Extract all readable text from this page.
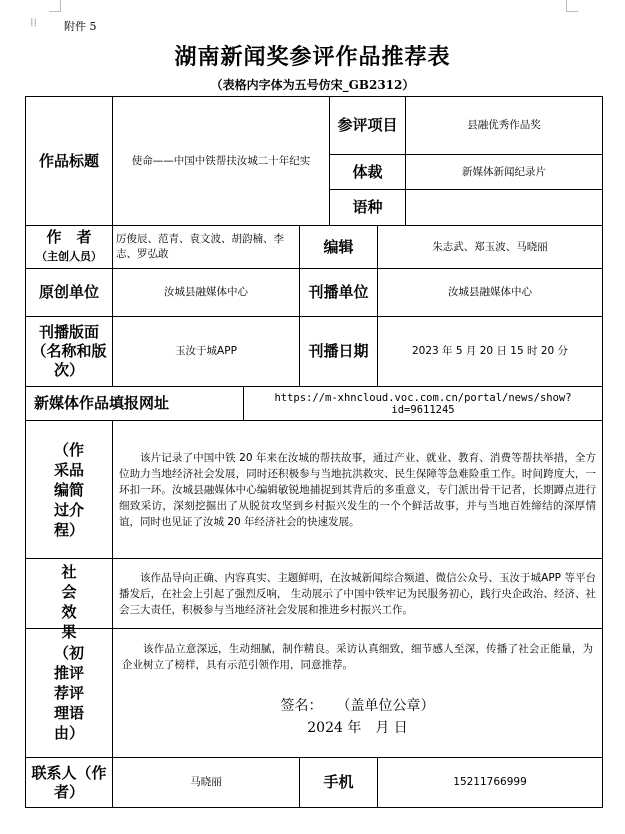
⁞⁞ 附件 5
湖南新闻奖参评作品推荐表
（表格内字体为五号仿宋_GB2312）
作品标题	使命——中国中铁帮扶汝城二十年纪实			参评项目		县融优秀作品奖
				体裁		新媒体新闻纪录片
				语种		

作　者
（主创人员）	厉俊辰、范青、袁文波、胡韵楠、李志、罗弘敢		编辑		朱志武、郑玉波、马晓丽	
原创单位	汝城县融媒体中心		刊播单位		汝城县融媒体中心	
刊播版面（名称和版次）	玉汝于城APP		刊播日期		2023 年 5 月 20 日 15 时 20 分	
新媒体作品填报网址		https://m-xhncloud.voc.com.cn/portal/news/show?id=9611245				

（作采品编简过介程）	该片记录了中国中铁 20 年来在汝城的帮扶故事，通过产业、就业、教育、消费等帮扶举措，全方位助力当地经济社会发展，同时还积极参与当地抗洪救灾、民生保障等急难险重工作。时间跨度大，一环扣一环。汝城县融媒体中心编辑敏锐地捕捉到其背后的多重意义，专门派出骨干记者，长期蹲点进行细致采访，深刻挖掘出了从脱贫攻坚到乡村振兴发生的一个个鲜活故事，并与当地百姓缔结的深厚情谊，同时也见证了汝城 20 年经济社会的快速发展。					

社会效果	该作品导向正确、内容真实、主题鲜明，在汝城新闻综合频道、微信公众号、玉汝于城APP 等平台播发后，在社会上引起了强烈反响， 生动展示了中国中铁牢记为民服务初心，践行央企政治、经济、社会三大责任，积极参与当地经济社会发展和推进乡村振兴工作。					

（初推评荐评理语由）	该作品立意深远，生动细腻，制作精良。采访认真细致，细节感人至深，传播了社会正能量，为企业树立了榜样，具有示范引领作用，同意推荐。
签名：　　（盖单位公章）
2024 年　月 日					

联系人（作者）	马晓丽		手机		15211766999	
